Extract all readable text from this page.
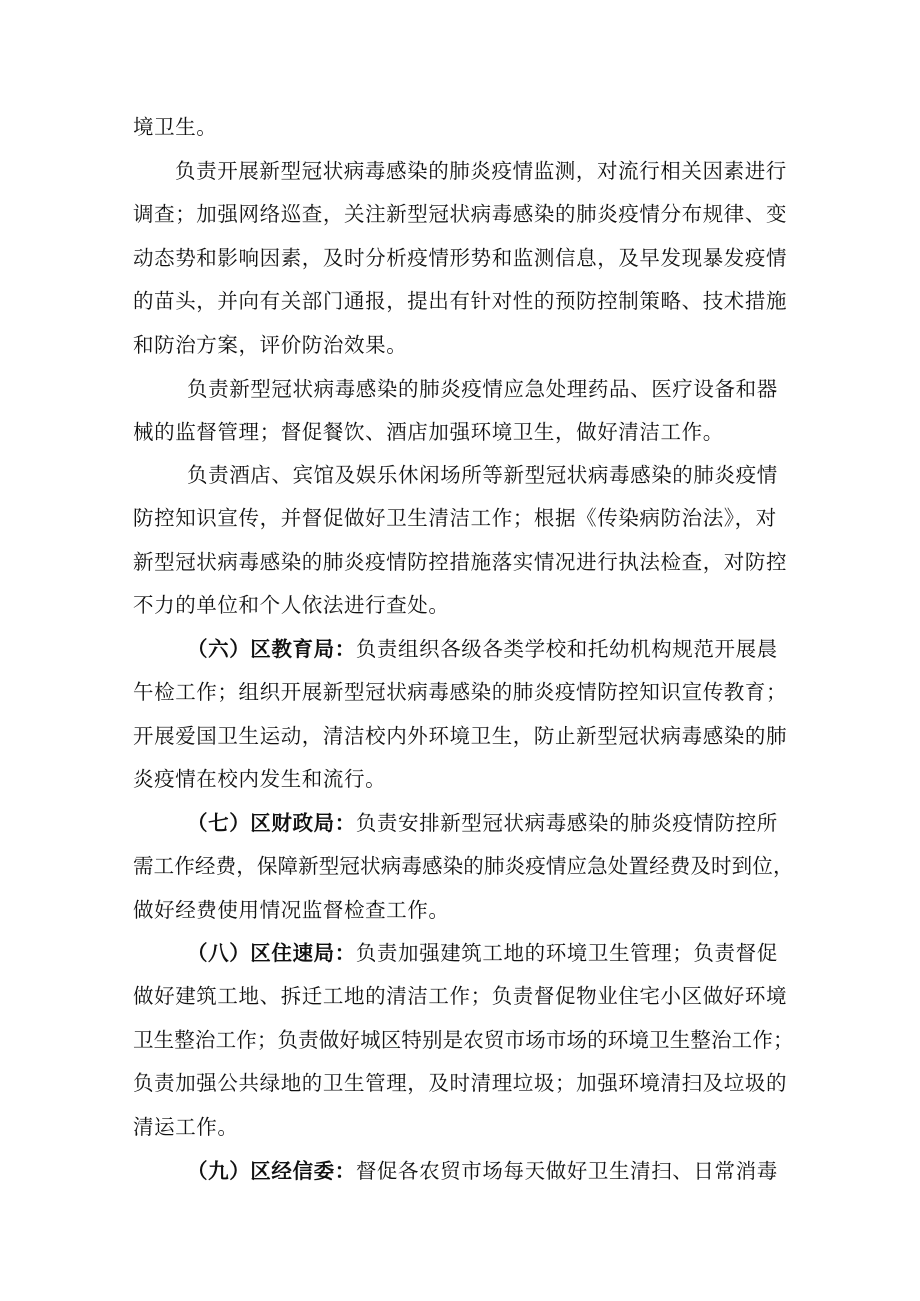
境卫生。
负责开展新型冠状病毒感染的肺炎疫情监测，对流行相关因素进行
调查；加强网络巡查，关注新型冠状病毒感染的肺炎疫情分布规律、变
动态势和影响因素，及时分析疫情形势和监测信息，及早发现暴发疫情
的苗头，并向有关部门通报，提出有针对性的预防控制策略、技术措施
和防治方案，评价防治效果。
负责新型冠状病毒感染的肺炎疫情应急处理药品、医疗设备和器
械的监督管理；督促餐饮、酒店加强环境卫生，做好清洁工作。
负责酒店、宾馆及娱乐休闲场所等新型冠状病毒感染的肺炎疫情
防控知识宣传，并督促做好卫生清洁工作；根据《传染病防治法》，对
新型冠状病毒感染的肺炎疫情防控措施落实情况进行执法检查，对防控
不力的单位和个人依法进行查处。
（六）区教育局：负责组织各级各类学校和托幼机构规范开展晨
午检工作；组织开展新型冠状病毒感染的肺炎疫情防控知识宣传教育；
开展爱国卫生运动，清洁校内外环境卫生，防止新型冠状病毒感染的肺
炎疫情在校内发生和流行。
（七）区财政局：负责安排新型冠状病毒感染的肺炎疫情防控所
需工作经费，保障新型冠状病毒感染的肺炎疫情应急处置经费及时到位，
做好经费使用情况监督检查工作。
（八）区住速局：负责加强建筑工地的环境卫生管理；负责督促
做好建筑工地、拆迁工地的清洁工作；负责督促物业住宅小区做好环境
卫生整治工作；负责做好城区特别是农贸市场市场的环境卫生整治工作；
负责加强公共绿地的卫生管理，及时清理垃圾；加强环境清扫及垃圾的
清运工作。
（九）区经信委：督促各农贸市场每天做好卫生清扫、日常消毒
